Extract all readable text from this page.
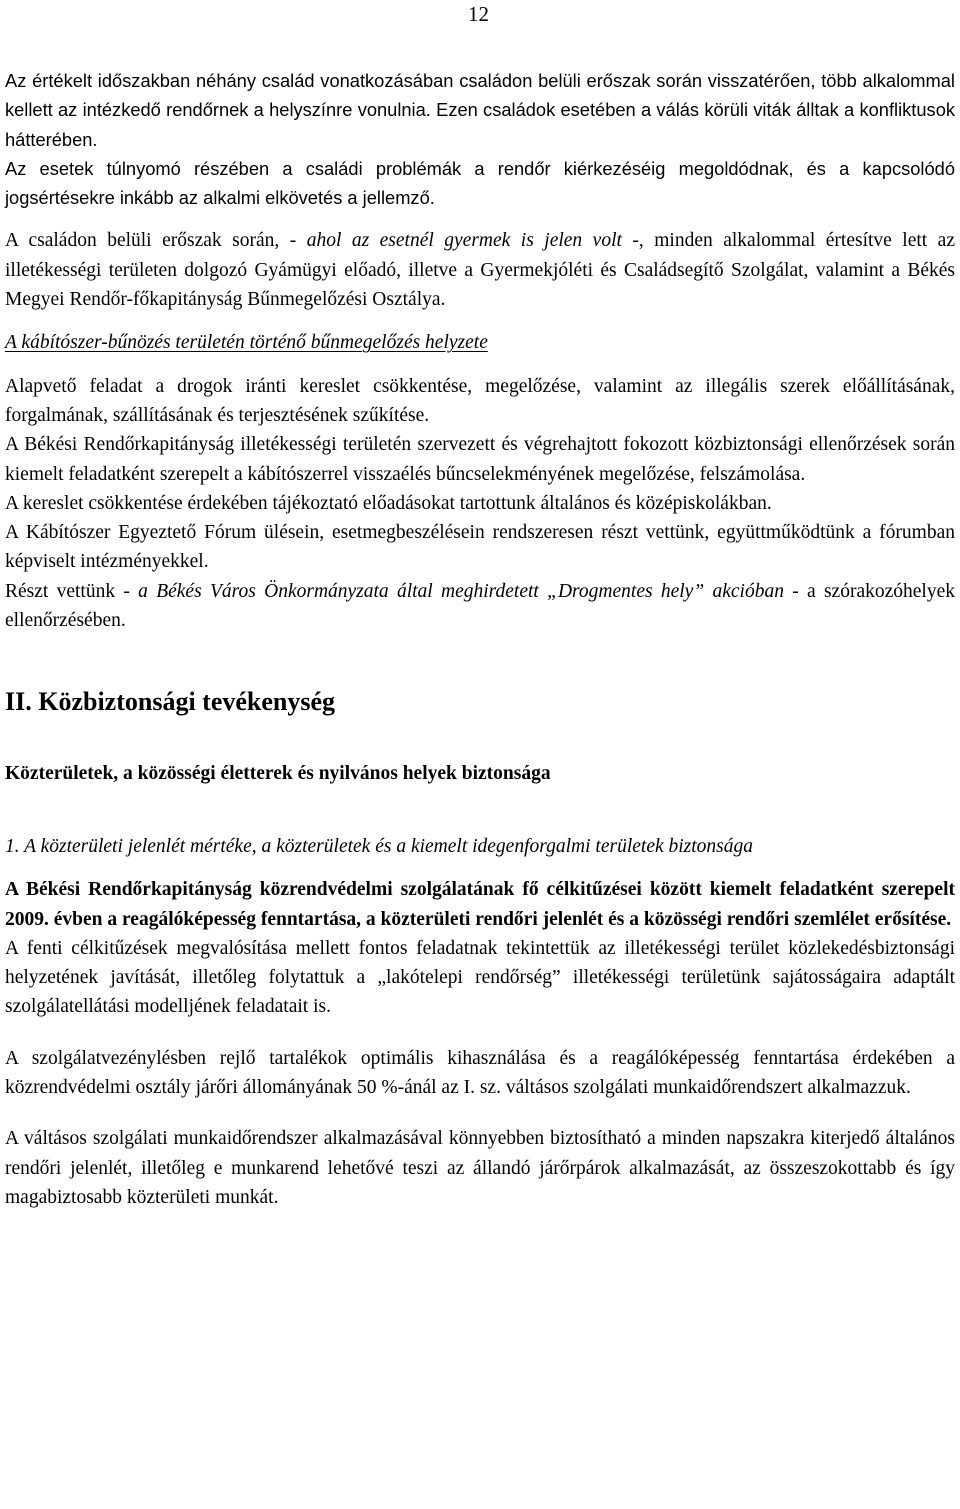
12

Az értékelt időszakban néhány család vonatkozásában családon belüli erőszak során visszatérően, több alkalommal kellett az intézkedő rendőrnek a helyszínre vonulnia. Ezen családok esetében a válás körüli viták álltak a konfliktusok hátterében.

Az esetek túlnyomó részében a családi problémák a rendőr kiérkezéséig megoldódnak, és a kapcsolódó jogsértésekre inkább az alkalmi elkövetés a jellemző.

A családon belüli erőszak során, - ahol az esetnél gyermek is jelen volt -, minden alkalommal értesítve lett az illetékességi területen dolgozó Gyámügyi előadó, illetve a Gyermekjóléti és Családsegítő Szolgálat, valamint a Békés Megyei Rendőr-főkapitányság Bűnmegelőzési Osztálya.

A kábítószer-bűnözés területén történő bűnmegelőzés helyzete

Alapvető feladat a drogok iránti kereslet csökkentése, megelőzése, valamint az illegális szerek előállításának, forgalmának, szállításának és terjesztésének szűkítése.

A Békési Rendőrkapitányság illetékességi területén szervezett és végrehajtott fokozott közbiztonsági ellenőrzések során kiemelt feladatként szerepelt a kábítószerrel visszaélés bűncselekményének megelőzése, felszámolása.

A kereslet csökkentése érdekében tájékoztató előadásokat tartottunk általános és középiskolákban.

A Kábítószer Egyeztető Fórum ülésein, esetmegbeszélésein rendszeresen részt vettünk, együttműködtünk a fórumban képviselt intézményekkel.

Részt vettünk - a Békés Város Önkormányzata által meghirdetett „Drogmentes hely” akcióban - a szórakozóhelyek ellenőrzésében.

II. Közbiztonsági tevékenység

Közterületek, a közösségi életterek és nyilvános helyek biztonsága

1. A közterületi jelenlét mértéke, a közterületek és a kiemelt idegenforgalmi területek biztonsága

A Békési Rendőrkapitányság közrendvédelmi szolgálatának fő célkitűzései között kiemelt feladatként szerepelt 2009. évben a reagálóképesség fenntartása, a közterületi rendőri jelenlét és a közösségi rendőri szemlélet erősítése.

A fenti célkitűzések megvalósítása mellett fontos feladatnak tekintettük az illetékességi terület közlekedésbiztonsági helyzetének javítását, illetőleg folytattuk a „lakótelepi rendőrség” illetékességi területünk sajátosságaira adaptált szolgálatellátási modelljének feladatait is.

A szolgálatvezénylésben rejlő tartalékok optimális kihasználása és a reagálóképesség fenntartása érdekében a közrendvédelmi osztály járőri állományának 50 %-ánál az I. sz. váltásos szolgálati munkaidőrendszert alkalmazzuk.

A váltásos szolgálati munkaidőrendszer alkalmazásával könnyebben biztosítható a minden napszakra kiterjedő általános rendőri jelenlét, illetőleg e munkarend lehetővé teszi az állandó járőrpárok alkalmazását, az összeszokottabb és így magabiztosabb közterületi munkát.
